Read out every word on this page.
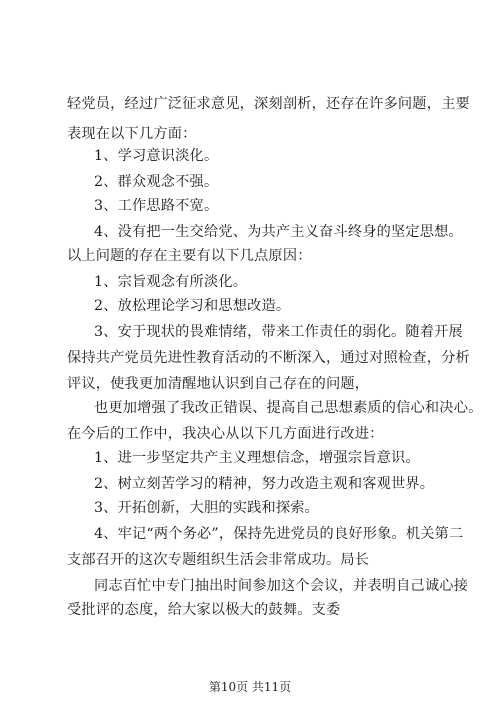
轻党员，经过广泛征求意见，深刻剖析，还存在许多问题，主要
表现在以下几方面：
1、学习意识淡化。
2、群众观念不强。
3、工作思路不宽。
4、没有把一生交给党、为共产主义奋斗终身的坚定思想。
以上问题的存在主要有以下几点原因：
1、宗旨观念有所淡化。
2、放松理论学习和思想改造。
3、安于现状的畏难情绪，带来工作责任的弱化。随着开展
保持共产党员先进性教育活动的不断深入，通过对照检查，分析
评议，使我更加清醒地认识到自己存在的问题，
也更加增强了我改正错误、提高自己思想素质的信心和决心。
在今后的工作中，我决心从以下几方面进行改进：
1、进一步坚定共产主义理想信念，增强宗旨意识。
2、树立刻苦学习的精神，努力改造主观和客观世界。
3、开拓创新，大胆的实践和探索。
4、牢记“两个务必”，保持先进党员的良好形象。机关第二
支部召开的这次专题组织生活会非常成功。局长
同志百忙中专门抽出时间参加这个会议，并表明自己诚心接
受批评的态度，给大家以极大的鼓舞。支委
第10页 共11页
